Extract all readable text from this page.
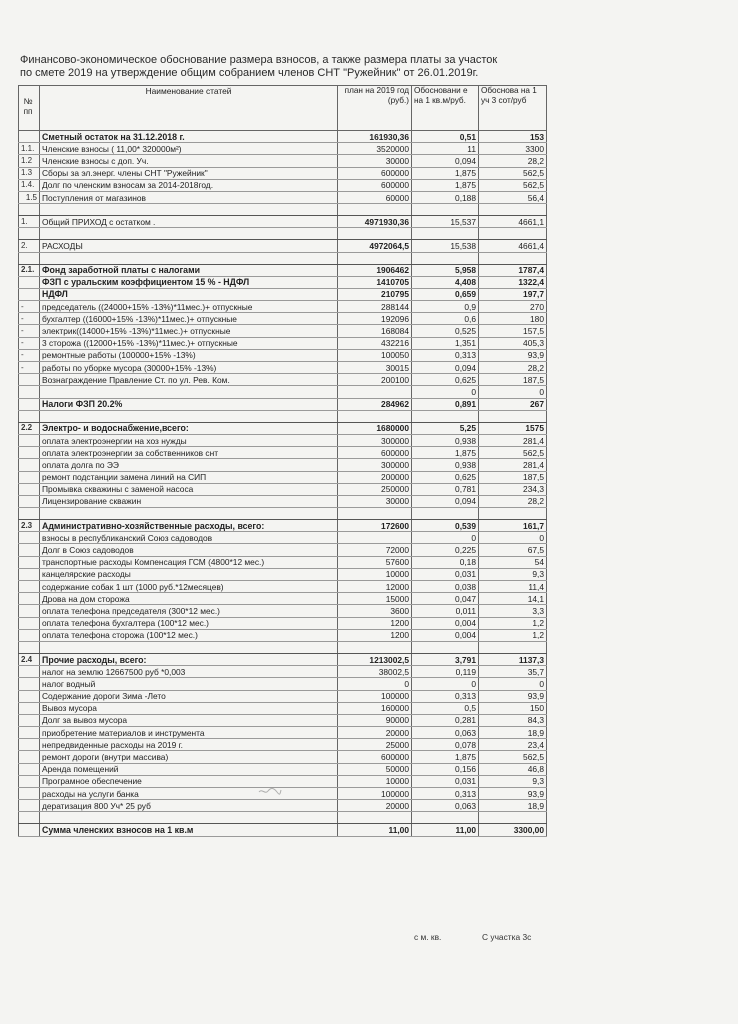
Финансово-экономическое обоснование размера взносов, а также размера платы за участок
по смете 2019 на утверждение общим собранием членов СНТ "Ружейник" от 26.01.2019г.
№ пп	Наименование статей	план на 2019 год (руб.)	Обосновани е на 1 кв.м/руб.	Обоснова на 1 уч 3 сот/руб

	Сметный остаток на 31.12.2018 г.	161930,36	0,51	153
1.1.	Членские взносы ( 11,00* 320000м²)	3520000	11	3300
1.2	Членские взносы с доп. Уч.	30000	0,094	28,2
1.3	Сборы за эл.энерг. члены СНТ "Ружейник"	600000	1,875	562,5
1.4.	Долг по членским взносам за 2014-2018год.	600000	1,875	562,5
1.5	Поступления от магазинов	60000	0,188	56,4

1.	Общий ПРИХОД с остатком .	4971930,36	15,537	4661,1

2.	РАСХОДЫ	4972064,5	15,538	4661,4

2.1.	Фонд заработной платы с налогами	1906462	5,958	1787,4
	ФЗП с уральским коэффициентом 15 % - НДФЛ	1410705	4,408	1322,4
	НДФЛ	210795	0,659	197,7
-	председатель ((24000+15% -13%)*11мес.)+ отпускные	288144	0,9	270
-	бухгалтер ((16000+15% -13%)*11мес.)+ отпускные	192096	0,6	180
-	электрик((14000+15% -13%)*11мес.)+ отпускные	168084	0,525	157,5
-	3 сторожа ((12000+15% -13%)*11мес.)+ отпускные	432216	1,351	405,3
-	ремонтные работы (100000+15% -13%)	100050	0,313	93,9
-	работы по уборке мусора (30000+15% -13%)	30015	0,094	28,2
	Вознаграждение Правление Ст. по ул. Рев. Ком.	200100	0,625	187,5
			0	0
	Налоги ФЗП 20.2%	284962	0,891	267

2.2	Электро- и водоснабжение,всего:	1680000	5,25	1575
	оплата электроэнергии на хоз нужды	300000	0,938	281,4
	оплата электроэнергии за собственников снт	600000	1,875	562,5
	оплата долга по ЭЭ	300000	0,938	281,4
	ремонт подстанции замена линий на СИП	200000	0,625	187,5
	Промывка скважины с заменой насоса	250000	0,781	234,3
	Лицензирование скважин	30000	0,094	28,2

2.3	Административно-хозяйственные расходы, всего:	172600	0,539	161,7
	взносы в республиканский Союз садоводов		0	0
	Долг в Союз садоводов	72000	0,225	67,5
	транспортные расходы Компенсация ГСМ (4800*12 мес.)	57600	0,18	54
	канцелярские расходы	10000	0,031	9,3
	содержание собак 1 шт (1000 руб.*12месяцев)	12000	0,038	11,4
	Дрова на дом сторожа	15000	0,047	14,1
	оплата телефона председателя (300*12 мес.)	3600	0,011	3,3
	оплата телефона бухгалтера (100*12 мес.)	1200	0,004	1,2
	оплата телефона сторожа (100*12 мес.)	1200	0,004	1,2

2.4	Прочие расходы, всего:	1213002,5	3,791	1137,3
	налог на землю 12667500 руб *0,003	38002,5	0,119	35,7
	налог водный	0	0	0
	Содержание дороги Зима -Лето	100000	0,313	93,9
	Вывоз мусора	160000	0,5	150
	Долг за вывоз мусора	90000	0,281	84,3
	приобретение материалов и инструмента	20000	0,063	18,9
	непредвиденные расходы на 2019 г.	25000	0,078	23,4
	ремонт дороги (внутри массива)	600000	1,875	562,5
	Аренда помещений	50000	0,156	46,8
	Програмное обеспечение	10000	0,031	9,3
	расходы на услуги банка	100000	0,313	93,9
	дератизация 800 Уч* 25 руб	20000	0,063	18,9

	Сумма членских взносов на 1 кв.м	11,00	11,00	3300,00
с м. кв.	С участка 3с
